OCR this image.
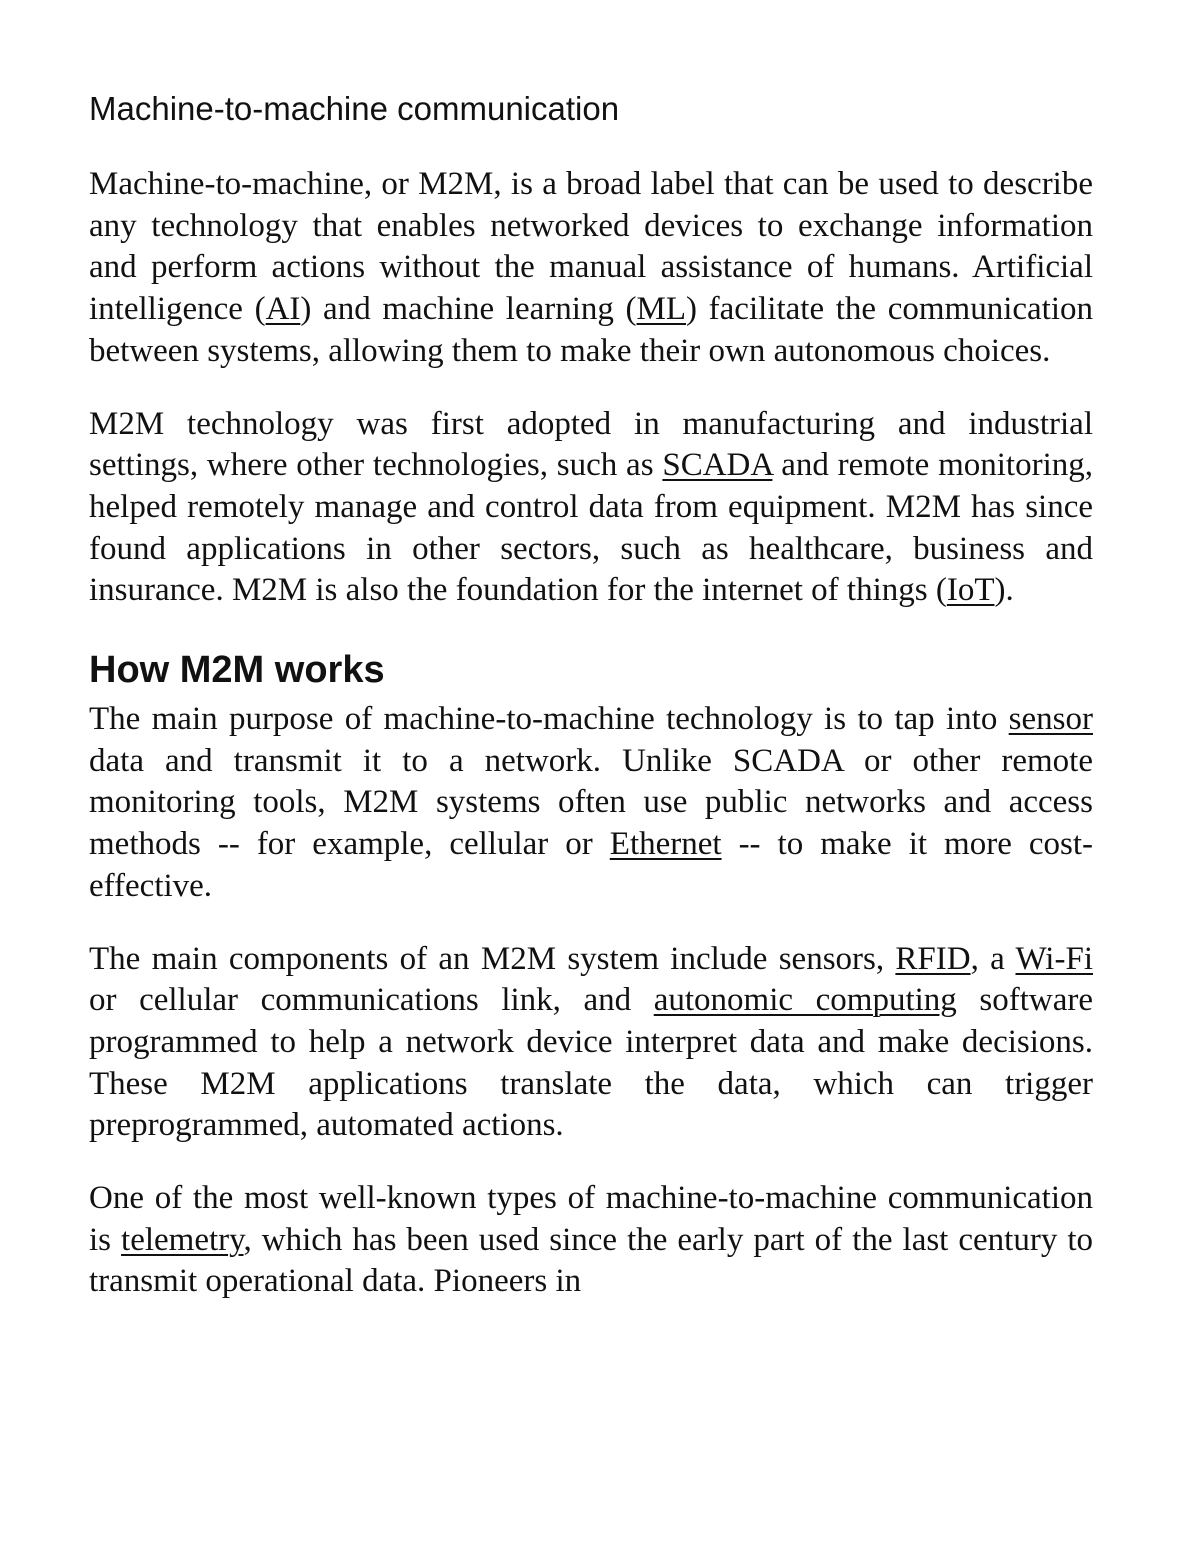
Machine-to-machine communication

Machine-to-machine, or M2M, is a broad label that can be used to describe any technology that enables networked devices to exchange information and perform actions without the manual assistance of humans. Artificial intelligence (AI) and machine learning (ML) facilitate the communication between systems, allowing them to make their own autonomous choices.

M2M technology was first adopted in manufacturing and industrial settings, where other technologies, such as SCADA and remote monitoring, helped remotely manage and control data from equipment. M2M has since found applications in other sectors, such as healthcare, business and insurance. M2M is also the foundation for the internet of things (IoT).

How M2M works

The main purpose of machine-to-machine technology is to tap into sensor data and transmit it to a network. Unlike SCADA or other remote monitoring tools, M2M systems often use public networks and access methods -- for example, cellular or Ethernet -- to make it more cost-effective.

The main components of an M2M system include sensors, RFID, a Wi-Fi or cellular communications link, and autonomic computing software programmed to help a network device interpret data and make decisions. These M2M applications translate the data, which can trigger preprogrammed, automated actions.

One of the most well-known types of machine-to-machine communication is telemetry, which has been used since the early part of the last century to transmit operational data. Pioneers in
